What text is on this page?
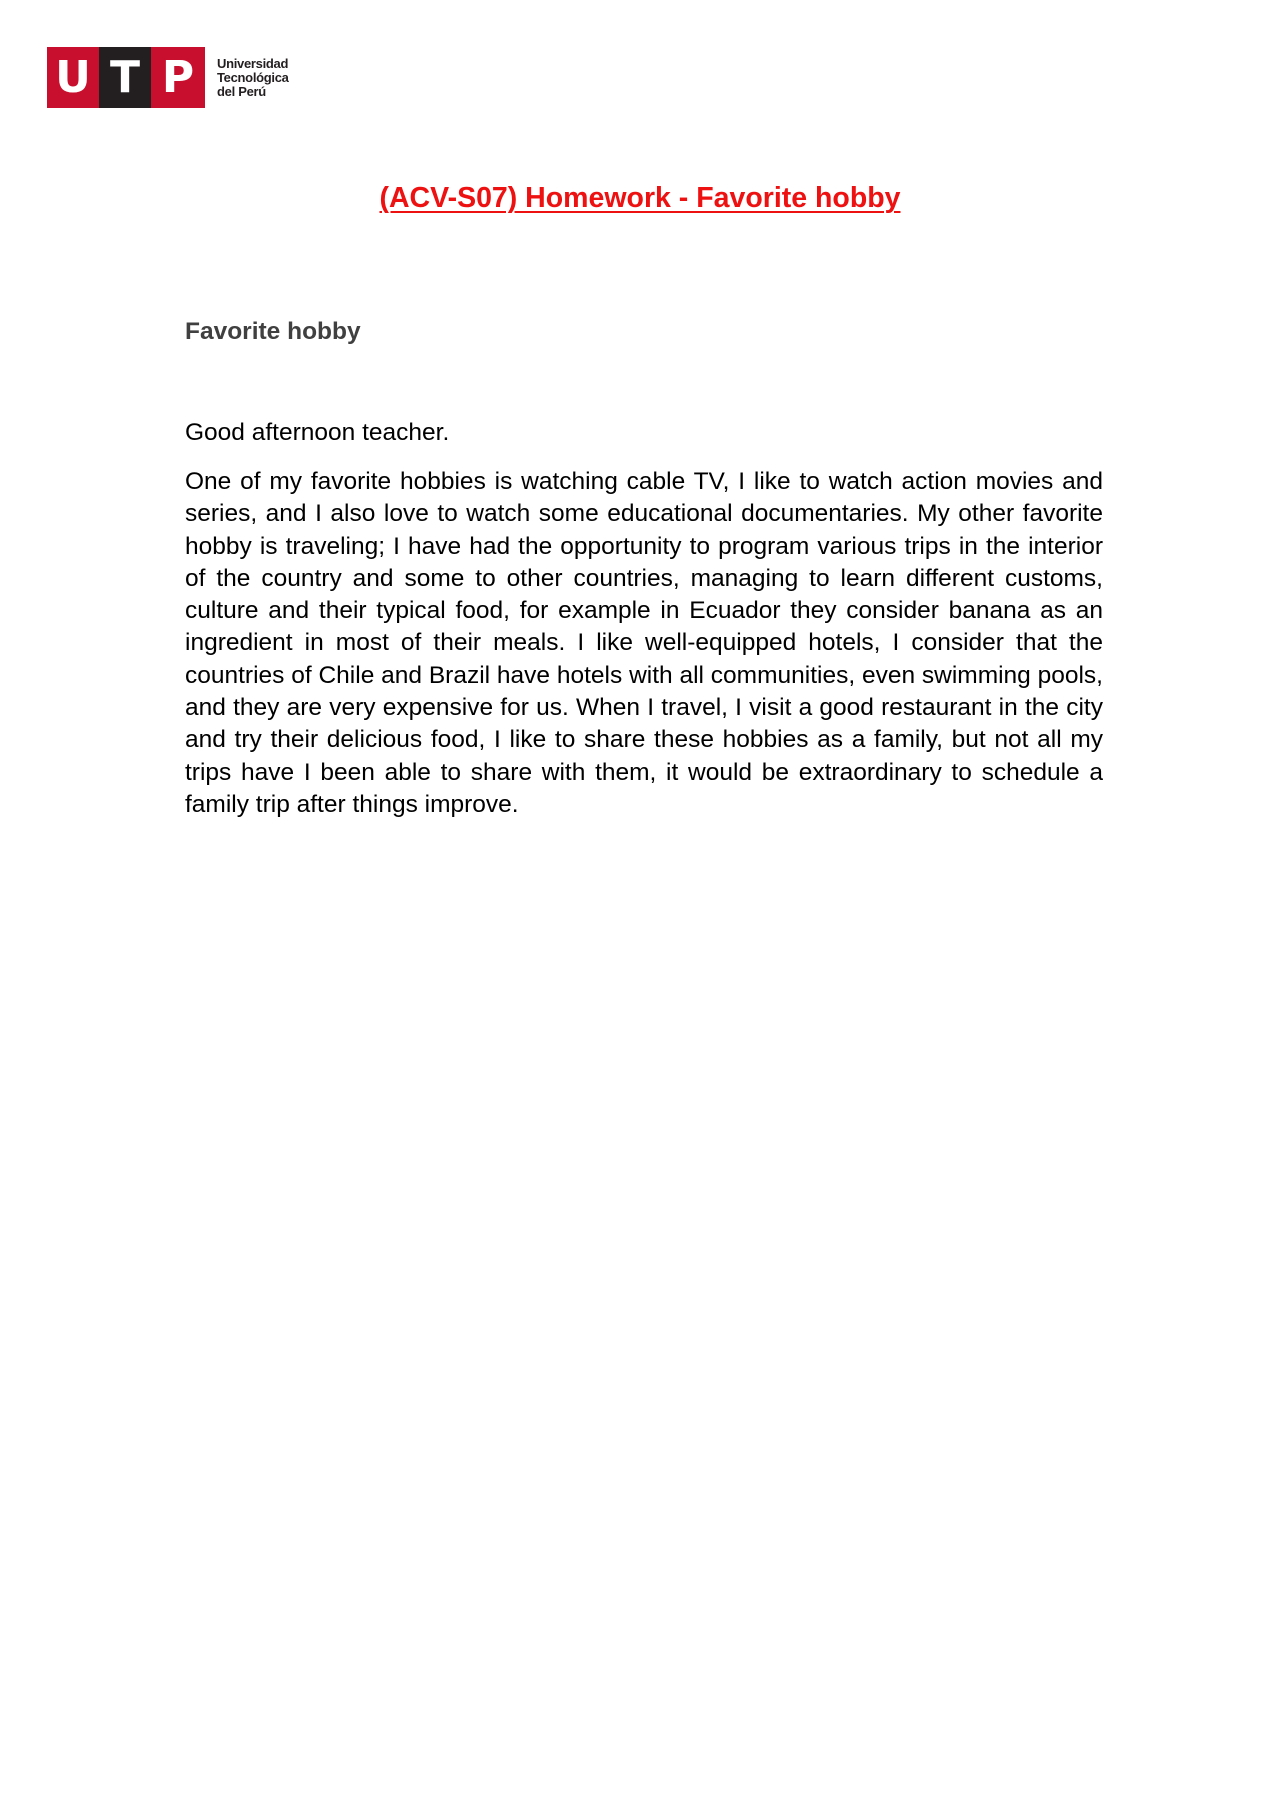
U T P	Universidad
Tecnológica
del Perú
(ACV-S07) Homework - Favorite hobby
Favorite hobby

Good afternoon teacher.

One of my favorite hobbies is watching cable TV, I like to watch action movies and series, and I also love to watch some educational documentaries. My other favorite hobby is traveling; I have had the opportunity to program various trips in the interior of the country and some to other countries, managing to learn different customs, culture and their typical food, for example in Ecuador they consider banana as an ingredient in most of their meals. I like well-equipped hotels, I consider that the countries of Chile and Brazil have hotels with all communities, even swimming pools, and they are very expensive for us. When I travel, I visit a good restaurant in the city and try their delicious food, I like to share these hobbies as a family, but not all my trips have I been able to share with them, it would be extraordinary to schedule a family trip after things improve.
